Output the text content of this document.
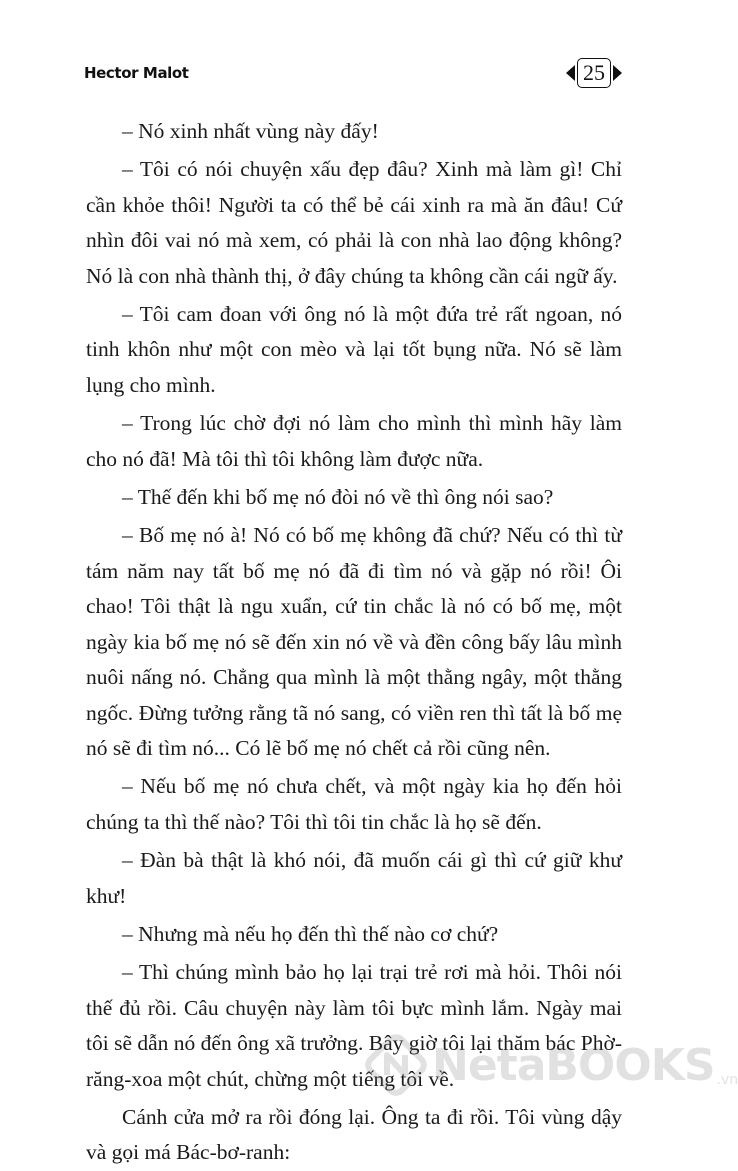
Hector Malot	25

– Nó xinh nhất vùng này đấy!

– Tôi có nói chuyện xấu đẹp đâu? Xinh mà làm gì! Chỉ cần khỏe thôi! Người ta có thể bẻ cái xinh ra mà ăn đâu! Cứ nhìn đôi vai nó mà xem, có phải là con nhà lao động không? Nó là con nhà thành thị, ở đây chúng ta không cần cái ngữ ấy.

– Tôi cam đoan với ông nó là một đứa trẻ rất ngoan, nó tinh khôn như một con mèo và lại tốt bụng nữa. Nó sẽ làm lụng cho mình.

– Trong lúc chờ đợi nó làm cho mình thì mình hãy làm cho nó đã! Mà tôi thì tôi không làm được nữa.

– Thế đến khi bố mẹ nó đòi nó về thì ông nói sao?

– Bố mẹ nó à! Nó có bố mẹ không đã chứ? Nếu có thì từ tám năm nay tất bố mẹ nó đã đi tìm nó và gặp nó rồi! Ôi chao! Tôi thật là ngu xuẩn, cứ tin chắc là nó có bố mẹ, một ngày kia bố mẹ nó sẽ đến xin nó về và đền công bấy lâu mình nuôi nấng nó. Chẳng qua mình là một thằng ngây, một thằng ngốc. Đừng tưởng rằng tã nó sang, có viền ren thì tất là bố mẹ nó sẽ đi tìm nó... Có lẽ bố mẹ nó chết cả rồi cũng nên.

– Nếu bố mẹ nó chưa chết, và một ngày kia họ đến hỏi chúng ta thì thế nào? Tôi thì tôi tin chắc là họ sẽ đến.

– Đàn bà thật là khó nói, đã muốn cái gì thì cứ giữ khư khư!

– Nhưng mà nếu họ đến thì thế nào cơ chứ?

– Thì chúng mình bảo họ lại trại trẻ rơi mà hỏi. Thôi nói thế đủ rồi. Câu chuyện này làm tôi bực mình lắm. Ngày mai tôi sẽ dẫn nó đến ông xã trưởng. Bây giờ tôi lại thăm bác Phờ-răng-xoa một chút, chừng một tiếng tôi về.

Cánh cửa mở ra rồi đóng lại. Ông ta đi rồi. Tôi vùng dậy và gọi má Bác-bơ-ranh:

NetaBOOKS .vn
